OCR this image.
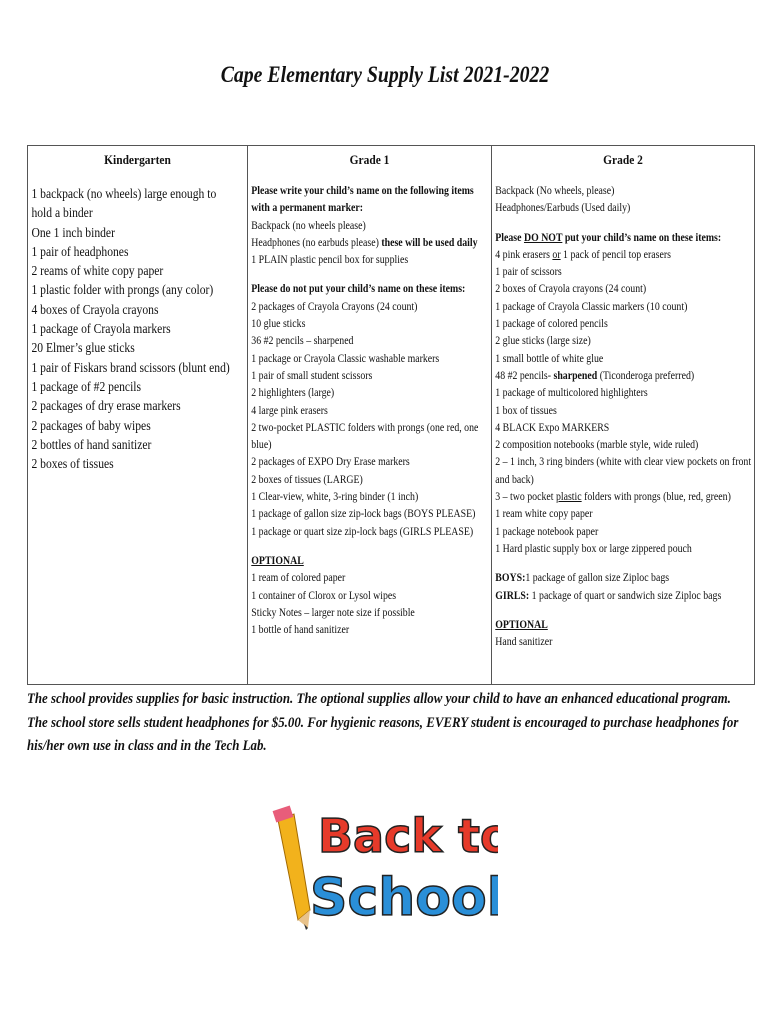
Cape Elementary Supply List 2021-2022
Kindergarten
1 backpack (no wheels) large enough to hold a binder
One 1 inch binder
1 pair of headphones
2 reams of white copy paper
1 plastic folder with prongs (any color)
4 boxes of Crayola crayons
1 package of Crayola markers
20 Elmer’s glue sticks
1 pair of Fiskars brand scissors (blunt end)
1 package of #2 pencils
2 packages of dry erase markers
2 packages of baby wipes
2 bottles of hand sanitizer
2 boxes of tissues
Grade 1
Please write your child’s name on the following items with a permanent marker:
Backpack (no wheels please)
Headphones (no earbuds please) these will be used daily
1 PLAIN plastic pencil box for supplies
Please do not put your child’s name on these items:
2 packages of Crayola Crayons (24 count)
10 glue sticks
36 #2 pencils – sharpened
1 package or Crayola Classic washable markers
1 pair of small student scissors
2 highlighters (large)
4 large pink erasers
2 two-pocket PLASTIC folders with prongs (one red, one blue)
2 packages of EXPO Dry Erase markers
2 boxes of tissues (LARGE)
1 Clear-view, white, 3-ring binder (1 inch)
1 package of gallon size zip-lock bags (BOYS PLEASE)
1 package or quart size zip-lock bags (GIRLS PLEASE)
OPTIONAL
1 ream of colored paper
1 container of Clorox or Lysol wipes
Sticky Notes – larger note size if possible
1 bottle of hand sanitizer
Grade 2
Backpack (No wheels, please)
Headphones/Earbuds (Used daily)
Please DO NOT put your child’s name on these items:
4 pink erasers or 1 pack of pencil top erasers
1 pair of scissors
2 boxes of Crayola crayons (24 count)
1 package of Crayola Classic markers (10 count)
1 package of colored pencils
2 glue sticks (large size)
1 small bottle of white glue
48 #2 pencils- sharpened (Ticonderoga preferred)
1 package of multicolored highlighters
1 box of tissues
4 BLACK Expo MARKERS
2 composition notebooks (marble style, wide ruled)
2 – 1 inch, 3 ring binders (white with clear view pockets on front and back)
3 – two pocket plastic folders with prongs (blue, red, green)
1 ream white copy paper
1 package notebook paper
1 Hard plastic supply box or large zippered pouch
BOYS:1 package of gallon size Ziploc bags
GIRLS: 1 package of quart or sandwich size Ziploc bags
OPTIONAL
Hand sanitizer
The school provides supplies for basic instruction. The optional supplies allow your child to have an enhanced educational program. The school store sells student headphones for $5.00. For hygienic reasons, EVERY student is encouraged to purchase headphones for his/her own use in class and in the Tech Lab.
Back to
School
